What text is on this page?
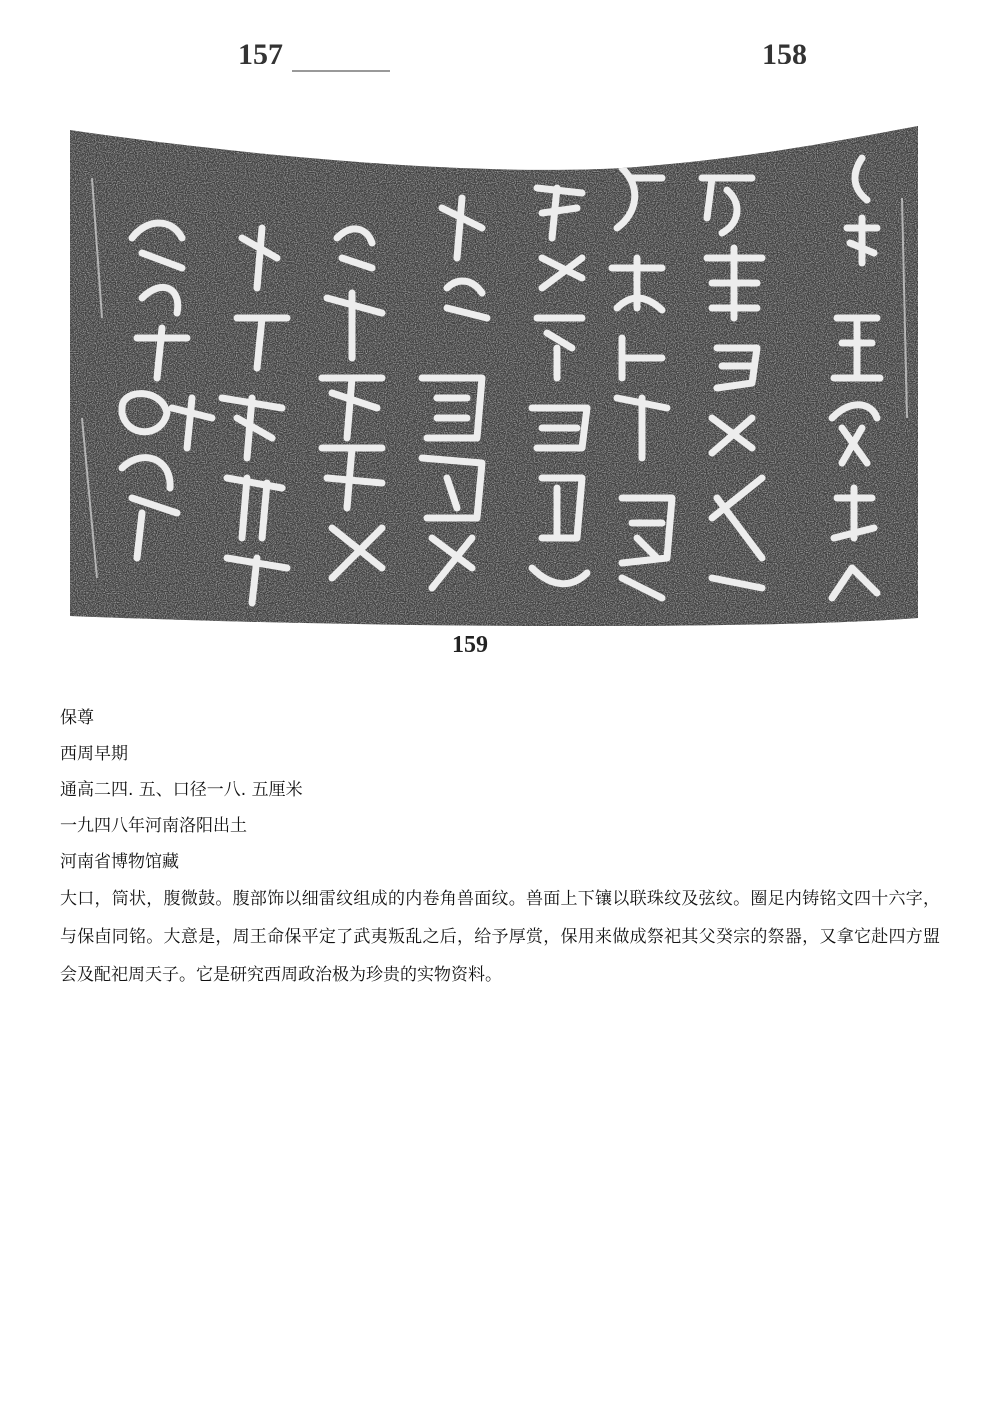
157	158
159
保尊
西周早期
通高二四. 五、口径一八. 五厘米
一九四八年河南洛阳出土
河南省博物馆藏
大口，筒状，腹微鼓。腹部饰以细雷纹组成的内卷角兽面纹。兽面上下镶以联珠纹及弦纹。圈足内铸铭文四十六字，与保卣同铭。大意是，周王命保平定了武夷叛乱之后，给予厚赏，保用来做成祭祀其父癸宗的祭器，又拿它赴四方盟会及配祀周天子。它是研究西周政治极为珍贵的实物资料。
